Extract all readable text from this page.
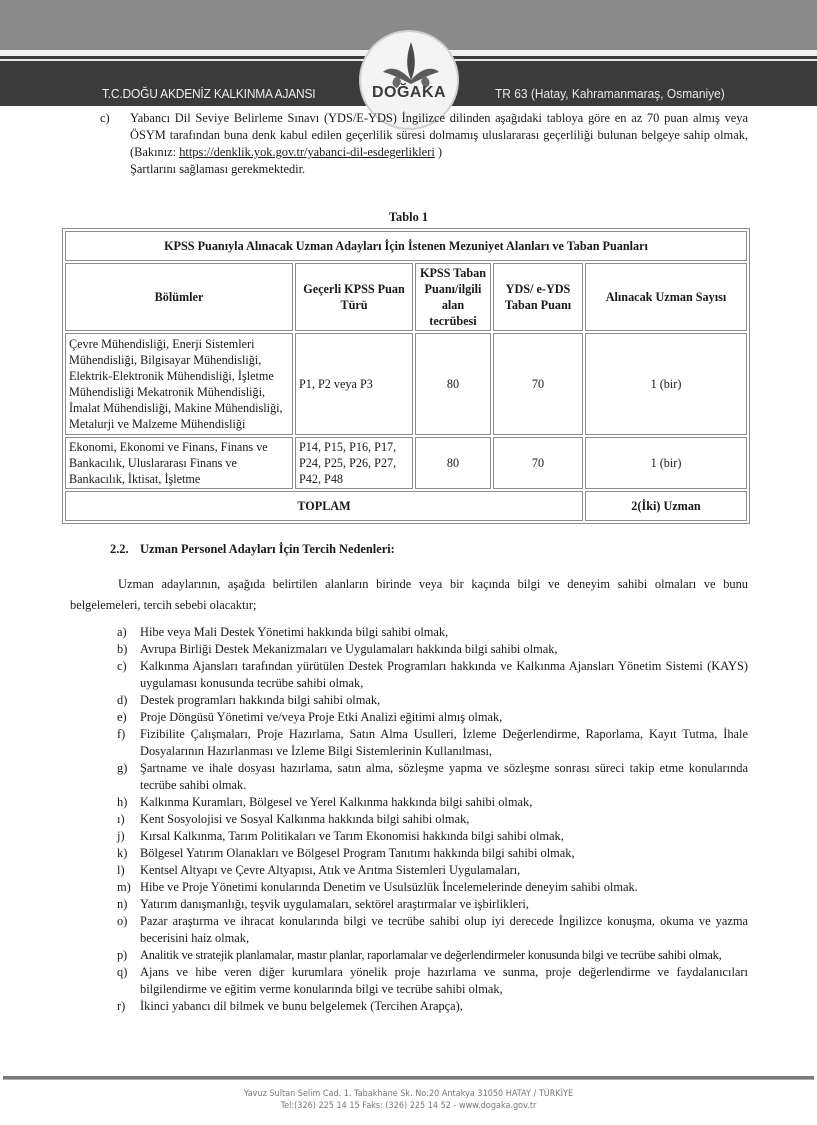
T.C.DOĞU AKDENİZ KALKINMA AJANSI	TR 63 (Hatay, Kahramanmaraş, Osmaniye)
DOĞAKA
c) Yabancı Dil Seviye Belirleme Sınavı (YDS/E-YDS) İngilizce dilinden aşağıdaki tabloya göre en az 70 puan almış veya ÖSYM tarafından buna denk kabul edilen geçerlilik süresi dolmamış uluslararası geçerliliği bulunan belgeye sahip olmak, (Bakınız: https://denklik.yok.gov.tr/yabanci-dil-esdegerlikleri )
Şartlarını sağlaması gerekmektedir.
Tablo 1
KPSS Puanıyla Alınacak Uzman Adayları İçin İstenen Mezuniyet Alanları ve Taban Puanları				
Bölümler	Geçerli KPSS Puan Türü	KPSS Taban Puanı/ilgili alan tecrübesi	YDS/ e-YDS Taban Puanı	Alınacak Uzman Sayısı
Çevre Mühendisliği, Enerji Sistemleri Mühendisliği, Bilgisayar Mühendisliği, Elektrik-Elektronik Mühendisliği, İşletme Mühendisliği Mekatronik Mühendisliği, İmalat Mühendisliği, Makine Mühendisliği, Metalurji ve Malzeme Mühendisliği	P1, P2 veya P3	80	70	1 (bir)
Ekonomi, Ekonomi ve Finans, Finans ve Bankacılık, Uluslararası Finans ve Bankacılık, İktisat, İşletme	P14, P15, P16, P17, P24, P25, P26, P27, P42, P48	80	70	1 (bir)
TOPLAM				2(İki) Uzman
2.2. Uzman Personel Adayları İçin Tercih Nedenleri:
Uzman adaylarının, aşağıda belirtilen alanların birinde veya bir kaçında bilgi ve deneyim sahibi olmaları ve bunu belgelemeleri, tercih sebebi olacaktır;
a) Hibe veya Mali Destek Yönetimi hakkında bilgi sahibi olmak,
b) Avrupa Birliği Destek Mekanizmaları ve Uygulamaları hakkında bilgi sahibi olmak,
c) Kalkınma Ajansları tarafından yürütülen Destek Programları hakkında ve Kalkınma Ajansları Yönetim Sistemi (KAYS) uygulaması konusunda tecrübe sahibi olmak,
d) Destek programları hakkında bilgi sahibi olmak,
e) Proje Döngüsü Yönetimi ve/veya Proje Etki Analizi eğitimi almış olmak,
f) Fizibilite Çalışmaları, Proje Hazırlama, Satın Alma Usulleri, İzleme Değerlendirme, Raporlama, Kayıt Tutma, İhale Dosyalarının Hazırlanması ve İzleme Bilgi Sistemlerinin Kullanılması,
g) Şartname ve ihale dosyası hazırlama, satın alma, sözleşme yapma ve sözleşme sonrası süreci takip etme konularında tecrübe sahibi olmak.
h) Kalkınma Kuramları, Bölgesel ve Yerel Kalkınma hakkında bilgi sahibi olmak,
ı) Kent Sosyolojisi ve Sosyal Kalkınma hakkında bilgi sahibi olmak,
j) Kırsal Kalkınma, Tarım Politikaları ve Tarım Ekonomisi hakkında bilgi sahibi olmak,
k) Bölgesel Yatırım Olanakları ve Bölgesel Program Tanıtımı hakkında bilgi sahibi olmak,
l) Kentsel Altyapı ve Çevre Altyapısı, Atık ve Arıtma Sistemleri Uygulamaları,
m) Hibe ve Proje Yönetimi konularında Denetim ve Usulsüzlük İncelemelerinde deneyim sahibi olmak.
n) Yatırım danışmanlığı, teşvik uygulamaları, sektörel araştırmalar ve işbirlikleri,
o) Pazar araştırma ve ihracat konularında bilgi ve tecrübe sahibi olup iyi derecede İngilizce konuşma, okuma ve yazma becerisini haiz olmak,
p) Analitik ve stratejik planlamalar, mastır planlar, raporlamalar ve değerlendirmeler konusunda bilgi ve tecrübe sahibi olmak,
q) Ajans ve hibe veren diğer kurumlara yönelik proje hazırlama ve sunma, proje değerlendirme ve faydalanıcıları bilgilendirme ve eğitim verme konularında bilgi ve tecrübe sahibi olmak,
r) İkinci yabancı dil bilmek ve bunu belgelemek (Tercihen Arapça),
Yavuz Sultan Selim Cad. 1. Tabakhane Sk. No:20 Antakya 31050 HATAY / TÜRKİYE
Tel:(326) 225 14 15 Faks: (326) 225 14 52 - www.dogaka.gov.tr
